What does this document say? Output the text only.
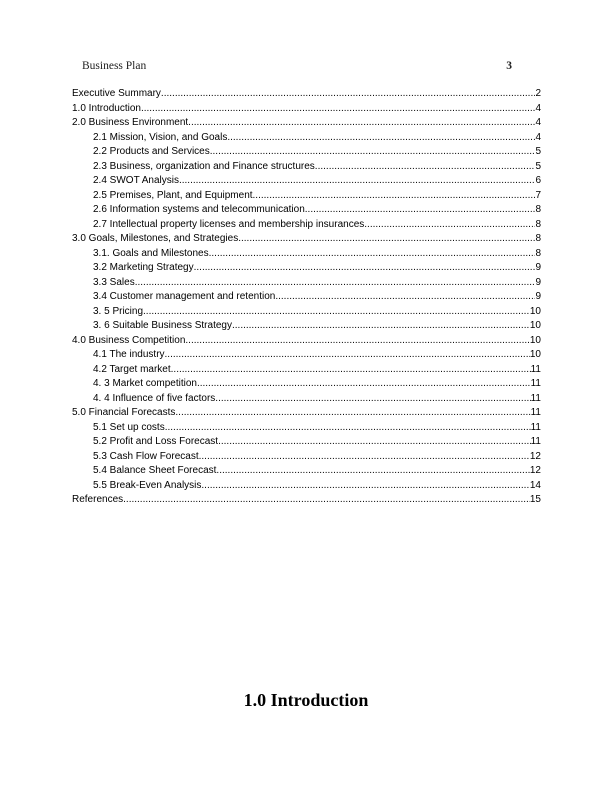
Business Plan	3
Executive Summary .....	2
1.0 Introduction .....	4
2.0 Business Environment .....	4
2.1 Mission, Vision, and Goals .....	4
2.2 Products and Services .....	5
2.3 Business, organization and Finance structures .....	5
2.4 SWOT Analysis .....	6
2.5 Premises, Plant, and Equipment .....	7
2.6 Information systems and telecommunication .....	8
2.7 Intellectual property licenses and membership insurances .....	8
3.0 Goals, Milestones, and Strategies .....	8
3.1. Goals and Milestones .....	8
3.2 Marketing Strategy .....	9
3.3 Sales .....	9
3.4 Customer management and retention .....	9
3. 5 Pricing .....	10
3. 6 Suitable Business Strategy .....	10
4.0 Business Competition .....	10
4.1 The industry .....	10
4.2 Target market .....	11
4. 3 Market competition .....	11
4. 4 Influence of five factors .....	11
5.0 Financial Forecasts .....	11
5.1 Set up costs .....	11
5.2 Profit and Loss Forecast .....	11
5.3 Cash Flow Forecast .....	12
5.4 Balance Sheet Forecast .....	12
5.5 Break-Even Analysis .....	14
References .....	15
1.0 Introduction
